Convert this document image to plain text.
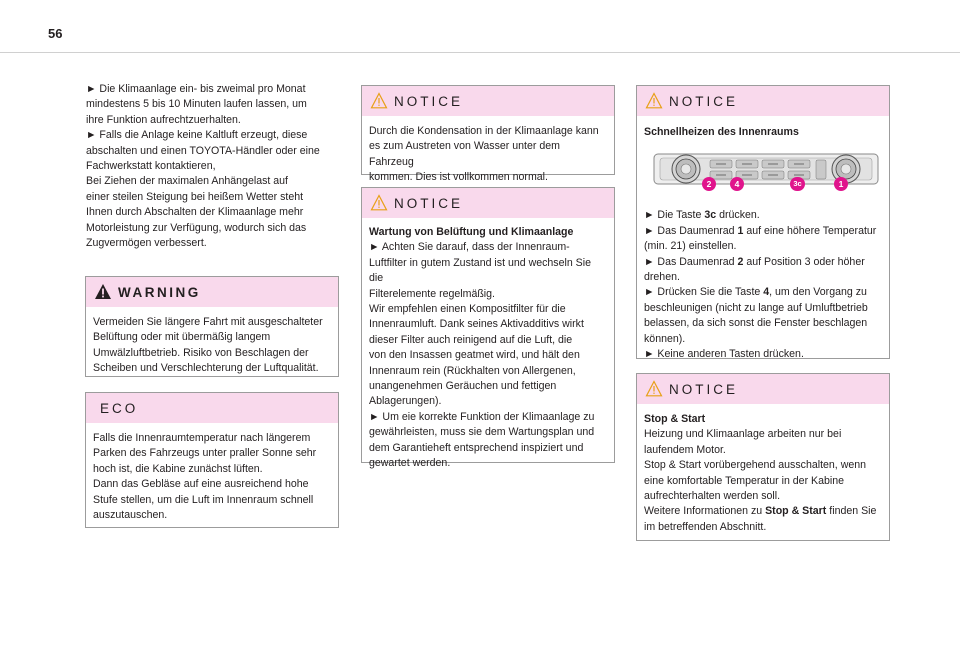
56

► Die Klimaanlage ein- bis zweimal pro Monat

mindestens 5 bis 10 Minuten laufen lassen, um

ihre Funktion aufrechtzuerhalten.

► Falls die Anlage keine Kaltluft erzeugt, diese

abschalten und einen TOYOTA-Händler oder eine

Fachwerkstatt kontaktieren,

Bei Ziehen der maximalen Anhängelast auf

einer steilen Steigung bei heißem Wetter steht

Ihnen durch Abschalten der Klimaanlage mehr

Motorleistung zur Verfügung, wodurch sich das

Zugvermögen verbessert.

WARNING

Vermeiden Sie längere Fahrt mit ausgeschalteter

Belüftung oder mit übermäßig langem

Umwälzluftbetrieb. Risiko von Beschlagen der

Scheiben und Verschlechterung der Luftqualität.

ECO

Falls die Innenraumtemperatur nach längerem

Parken des Fahrzeugs unter praller Sonne sehr

hoch ist, die Kabine zunächst lüften.

Dann das Gebläse auf eine ausreichend hohe

Stufe stellen, um die Luft im Innenraum schnell

auszutauschen.

NOTICE

Durch die Kondensation in der Klimaanlage kann

es zum Austreten von Wasser unter dem Fahrzeug

kommen. Dies ist vollkommen normal.

NOTICE

Wartung von Belüftung und Klimaanlage

► Achten Sie darauf, dass der Innenraum-

Luftfilter in gutem Zustand ist und wechseln Sie die

Filterelemente regelmäßig.

Wir empfehlen einen Kompositfilter für die

Innenraumluft. Dank seines Aktivadditivs wirkt

dieser Filter auch reinigend auf die Luft, die

von den Insassen geatmet wird, und hält den

Innenraum rein (Rückhalten von Allergenen,

unangenehmen Geräuchen und fettigen

Ablagerungen).

► Um eie korrekte Funktion der Klimaanlage zu

gewährleisten, muss sie dem Wartungsplan und

dem Garantieheft entsprechend inspiziert und

gewartet werden.

NOTICE

Schnellheizen des Innenraums

2	4	3c	1

► Die Taste 3c drücken.

► Das Daumenrad 1 auf eine höhere Temperatur

(min. 21) einstellen.

► Das Daumenrad 2 auf Position 3 oder höher

drehen.

► Drücken Sie die Taste 4, um den Vorgang zu

beschleunigen (nicht zu lange auf Umluftbetrieb

belassen, da sich sonst die Fenster beschlagen

können).

► Keine anderen Tasten drücken.

NOTICE

Stop & Start

Heizung und Klimaanlage arbeiten nur bei

laufendem Motor.

Stop & Start vorübergehend ausschalten, wenn

eine komfortable Temperatur in der Kabine

aufrechterhalten werden soll.

Weitere Informationen zu Stop & Start finden Sie

im betreffenden Abschnitt.
